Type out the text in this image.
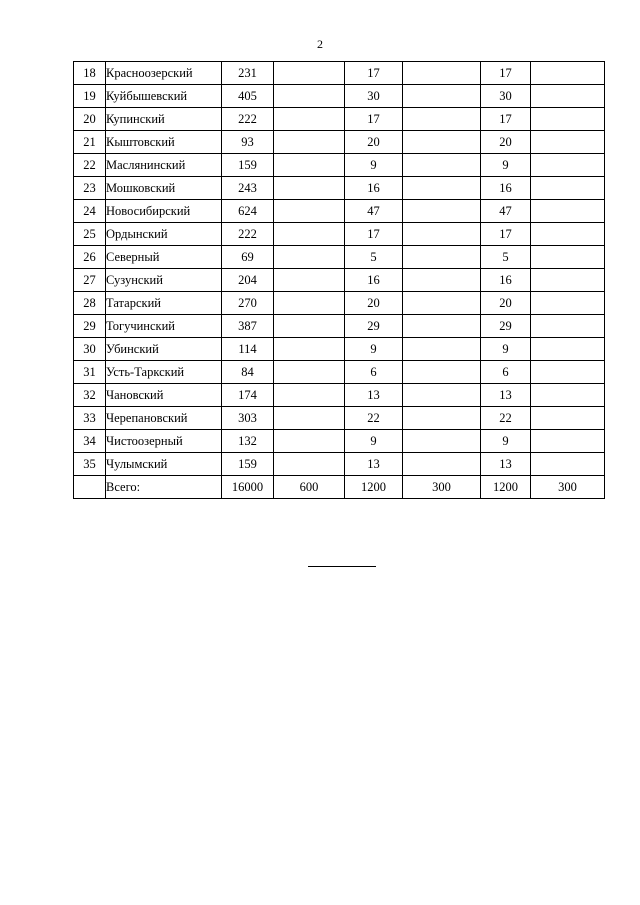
2
18	Красноозерский	231		17		17	
19	Куйбышевский	405		30		30	
20	Купинский	222		17		17	
21	Кыштовский	93		20		20	
22	Маслянинский	159		9		9	
23	Мошковский	243		16		16	
24	Новосибирский	624		47		47	
25	Ордынский	222		17		17	
26	Северный	69		5		5	
27	Сузунский	204		16		16	
28	Татарский	270		20		20	
29	Тогучинский	387		29		29	
30	Убинский	114		9		9	
31	Усть-Таркский	84		6		6	
32	Чановский	174		13		13	
33	Черепановский	303		22		22	
34	Чистоозерный	132		9		9	
35	Чулымский	159		13		13	
	Всего:	16000	600	1200	300	1200	300
